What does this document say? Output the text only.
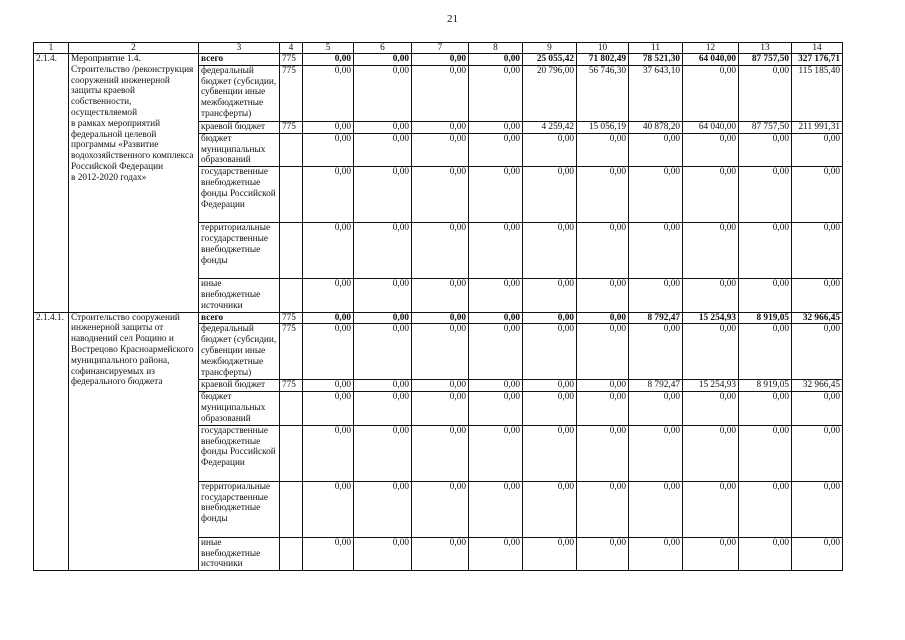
21
1	2	3	4	5	6	7	8	9	10	11	12	13	14
2.1.4.	Мероприятие 1.4.
Строительство /реконструкция сооружений инженерной защиты краевой собственности, осуществляемой
в рамках мероприятий федеральной целевой программы «Развитие водохозяйственного комплекса Российской Федерации
в 2012-2020 годах»	всего	775	0,00	0,00	0,00	0,00	25 055,42	71 802,49	78 521,30	64 040,00	87 757,50	327 176,71
		федеральный бюджет (субсидии, субвенции иные межбюджетные трансферты)	775	0,00	0,00	0,00	0,00	20 796,00	56 746,30	37 643,10	0,00	0,00	115 185,40
		краевой бюджет	775	0,00	0,00	0,00	0,00	4 259,42	15 056,19	40 878,20	64 040,00	87 757,50	211 991,31
		бюджет муниципальных образований		0,00	0,00	0,00	0,00	0,00	0,00	0,00	0,00	0,00	0,00
		государственные внебюджетные фонды Российской Федерации		0,00	0,00	0,00	0,00	0,00	0,00	0,00	0,00	0,00	0,00
		территориальные государственные внебюджетные фонды		0,00	0,00	0,00	0,00	0,00	0,00	0,00	0,00	0,00	0,00
		иные внебюджетные источники		0,00	0,00	0,00	0,00	0,00	0,00	0,00	0,00	0,00	0,00
2.1.4.1.	Строительство сооружений инженерной защиты от наводнений сел Рощино и Вострецово Красноармейского муниципального района, софинансируемых из федерального бюджета	всего	775	0,00	0,00	0,00	0,00	0,00	0,00	8 792,47	15 254,93	8 919,05	32 966,45
		федеральный бюджет (субсидии, субвенции иные межбюджетные трансферты)	775	0,00	0,00	0,00	0,00	0,00	0,00	0,00	0,00	0,00	0,00
		краевой бюджет	775	0,00	0,00	0,00	0,00	0,00	0,00	8 792,47	15 254,93	8 919,05	32 966,45
		бюджет муниципальных образований		0,00	0,00	0,00	0,00	0,00	0,00	0,00	0,00	0,00	0,00
		государственные внебюджетные фонды Российской Федерации		0,00	0,00	0,00	0,00	0,00	0,00	0,00	0,00	0,00	0,00
		территориальные государственные внебюджетные фонды		0,00	0,00	0,00	0,00	0,00	0,00	0,00	0,00	0,00	0,00
		иные внебюджетные источники		0,00	0,00	0,00	0,00	0,00	0,00	0,00	0,00	0,00	0,00
